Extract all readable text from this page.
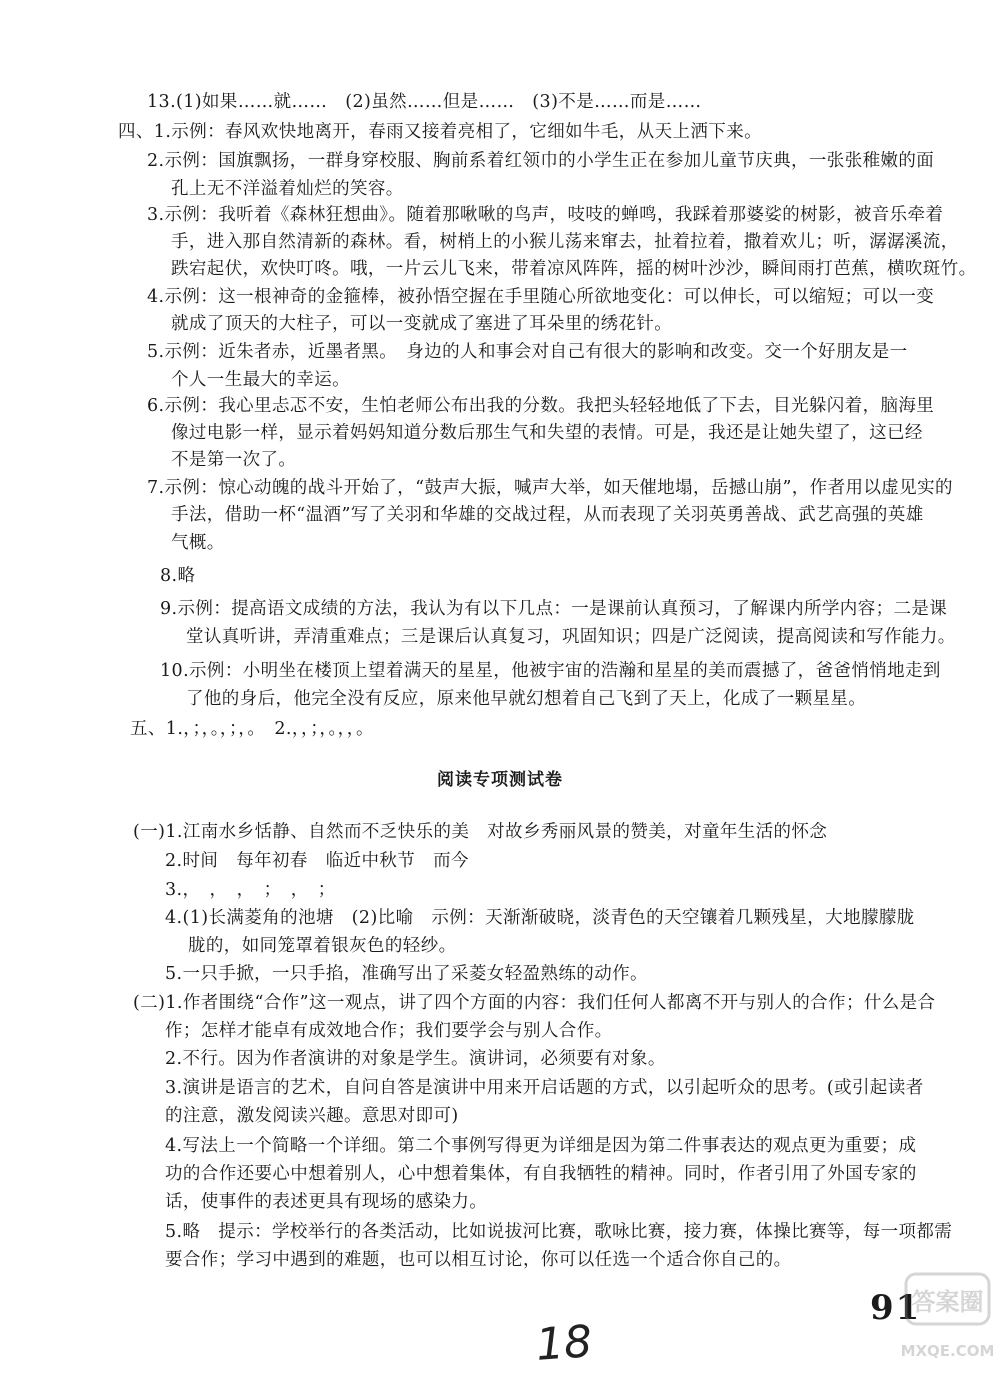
13.(1)如果……就……　(2)虽然……但是……　(3)不是……而是……
四、1.示例：春风欢快地离开，春雨又接着亮相了，它细如牛毛，从天上洒下来。
2.示例：国旗飘扬，一群身穿校服、胸前系着红领巾的小学生正在参加儿童节庆典，一张张稚嫩的面
孔上无不洋溢着灿烂的笑容。
3.示例：我听着《森林狂想曲》。随着那啾啾的鸟声，吱吱的蝉鸣，我踩着那婆娑的树影，被音乐牵着
手，进入那自然清新的森林。看，树梢上的小猴儿荡来窜去，扯着拉着，撒着欢儿；听，潺潺溪流，
跌宕起伏，欢快叮咚。哦，一片云儿飞来，带着凉风阵阵，摇的树叶沙沙，瞬间雨打芭蕉，横吹斑竹。
4.示例：这一根神奇的金箍棒，被孙悟空握在手里随心所欲地变化：可以伸长，可以缩短；可以一变
就成了顶天的大柱子，可以一变就成了塞进了耳朵里的绣花针。
5.示例：近朱者赤，近墨者黑。　身边的人和事会对自己有很大的影响和改变。交一个好朋友是一
个人一生最大的幸运。
6.示例：我心里忐忑不安，生怕老师公布出我的分数。我把头轻轻地低了下去，目光躲闪着，脑海里
像过电影一样，显示着妈妈知道分数后那生气和失望的表情。可是，我还是让她失望了，这已经
不是第一次了。
7.示例：惊心动魄的战斗开始了，“鼓声大振，喊声大举，如天催地塌，岳撼山崩”，作者用以虚见实的
手法，借助一杯“温酒”写了关羽和华雄的交战过程，从而表现了关羽英勇善战、武艺高强的英雄
气概。
8.略
9.示例：提高语文成绩的方法，我认为有以下几点：一是课前认真预习，了解课内所学内容；二是课
堂认真听讲，弄清重难点；三是课后认真复习，巩固知识；四是广泛阅读，提高阅读和写作能力。
10.示例：小明坐在楼顶上望着满天的星星，他被宇宙的浩瀚和星星的美而震撼了，爸爸悄悄地走到
了他的身后，他完全没有反应，原来他早就幻想着自己飞到了天上，化成了一颗星星。
五、1.，；，。，；，。　2.，，；，。，，。
(一)1.江南水乡恬静、自然而不乏快乐的美　对故乡秀丽风景的赞美，对童年生活的怀念
2.时间　每年初春　临近中秋节　而今
3.，　，　，　；　，　；
4.(1)长满菱角的池塘　(2)比喻　示例：天渐渐破晓，淡青色的天空镶着几颗残星，大地朦朦胧
胧的，如同笼罩着银灰色的轻纱。
5.一只手掀，一只手掐，准确写出了采菱女轻盈熟练的动作。
(二)1.作者围绕“合作”这一观点，讲了四个方面的内容：我们任何人都离不开与别人的合作；什么是合
作；怎样才能卓有成效地合作；我们要学会与别人合作。
2.不行。因为作者演讲的对象是学生。演讲词，必须要有对象。
3.演讲是语言的艺术，自问自答是演讲中用来开启话题的方式，以引起听众的思考。(或引起读者
的注意，激发阅读兴趣。意思对即可)
4.写法上一个简略一个详细。第二个事例写得更为详细是因为第二件事表达的观点更为重要；成
功的合作还要心中想着别人，心中想着集体，有自我牺牲的精神。同时，作者引用了外国专家的
话，使事件的表述更具有现场的感染力。
5.略　提示：学校举行的各类活动，比如说拔河比赛，歌咏比赛，接力赛，体操比赛等，每一项都需
要合作；学习中遇到的难题，也可以相互讨论，你可以任选一个适合你自己的。
阅读专项测试卷
91
18
答案圈
MXQE.COM
